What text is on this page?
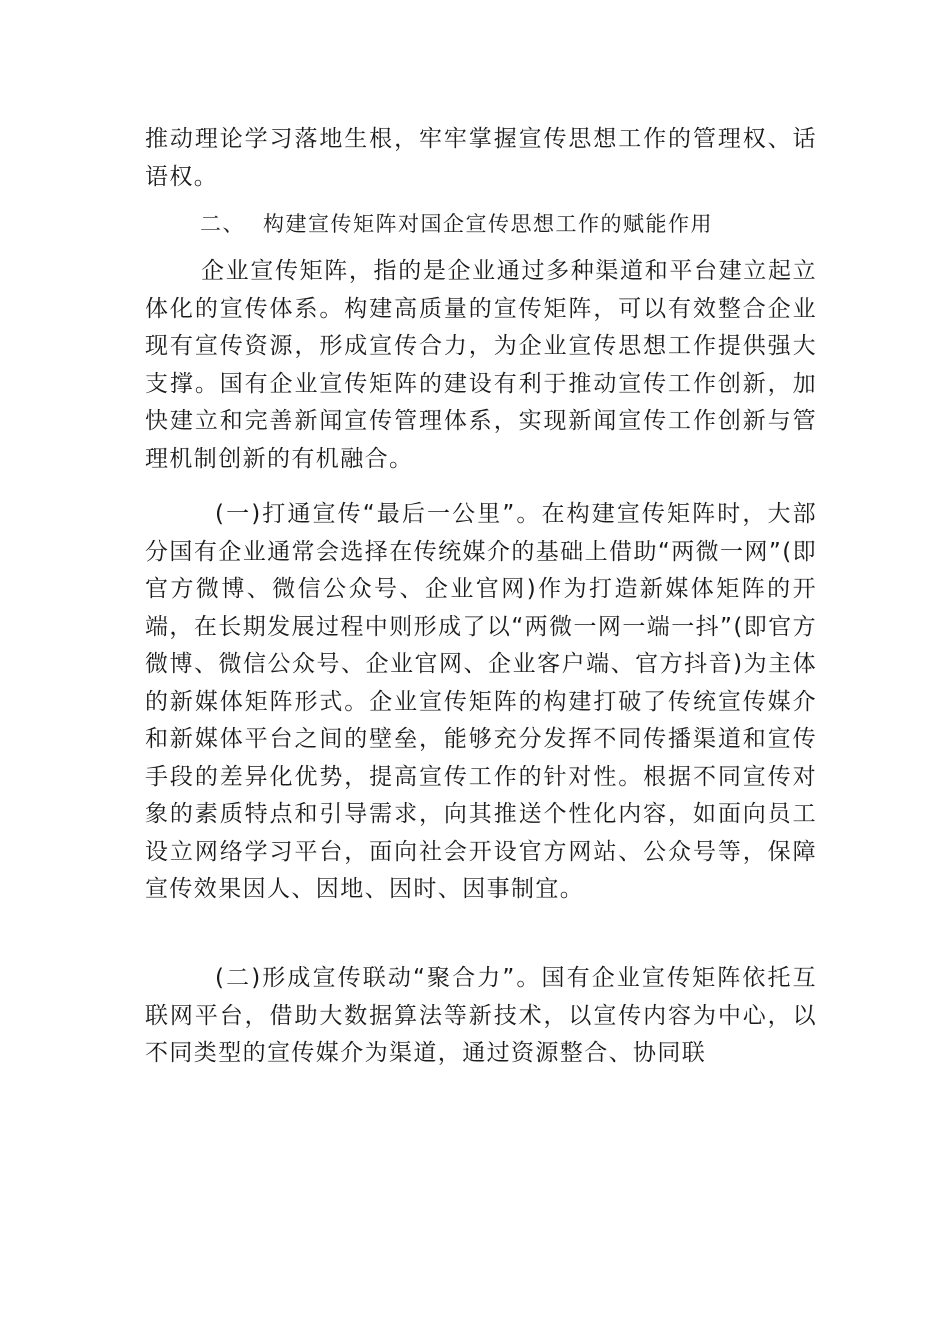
推动理论学习落地生根，牢牢掌握宣传思想工作的管理权、话语权。

二、 构建宣传矩阵对国企宣传思想工作的赋能作用

企业宣传矩阵，指的是企业通过多种渠道和平台建立起立体化的宣传体系。构建高质量的宣传矩阵，可以有效整合企业现有宣传资源，形成宣传合力，为企业宣传思想工作提供强大支撑。国有企业宣传矩阵的建设有利于推动宣传工作创新，加快建立和完善新闻宣传管理体系，实现新闻宣传工作创新与管理机制创新的有机融合。

(一)打通宣传“最后一公里”。在构建宣传矩阵时，大部分国有企业通常会选择在传统媒介的基础上借助“两微一网”(即官方微博、微信公众号、企业官网)作为打造新媒体矩阵的开端，在长期发展过程中则形成了以“两微一网一端一抖”(即官方微博、微信公众号、企业官网、企业客户端、官方抖音)为主体的新媒体矩阵形式。企业宣传矩阵的构建打破了传统宣传媒介和新媒体平台之间的壁垒，能够充分发挥不同传播渠道和宣传手段的差异化优势，提高宣传工作的针对性。根据不同宣传对象的素质特点和引导需求，向其推送个性化内容，如面向员工设立网络学习平台，面向社会开设官方网站、公众号等，保障宣传效果因人、因地、因时、因事制宜。

(二)形成宣传联动“聚合力”。国有企业宣传矩阵依托互联网平台，借助大数据算法等新技术，以宣传内容为中心，以不同类型的宣传媒介为渠道，通过资源整合、协同联
